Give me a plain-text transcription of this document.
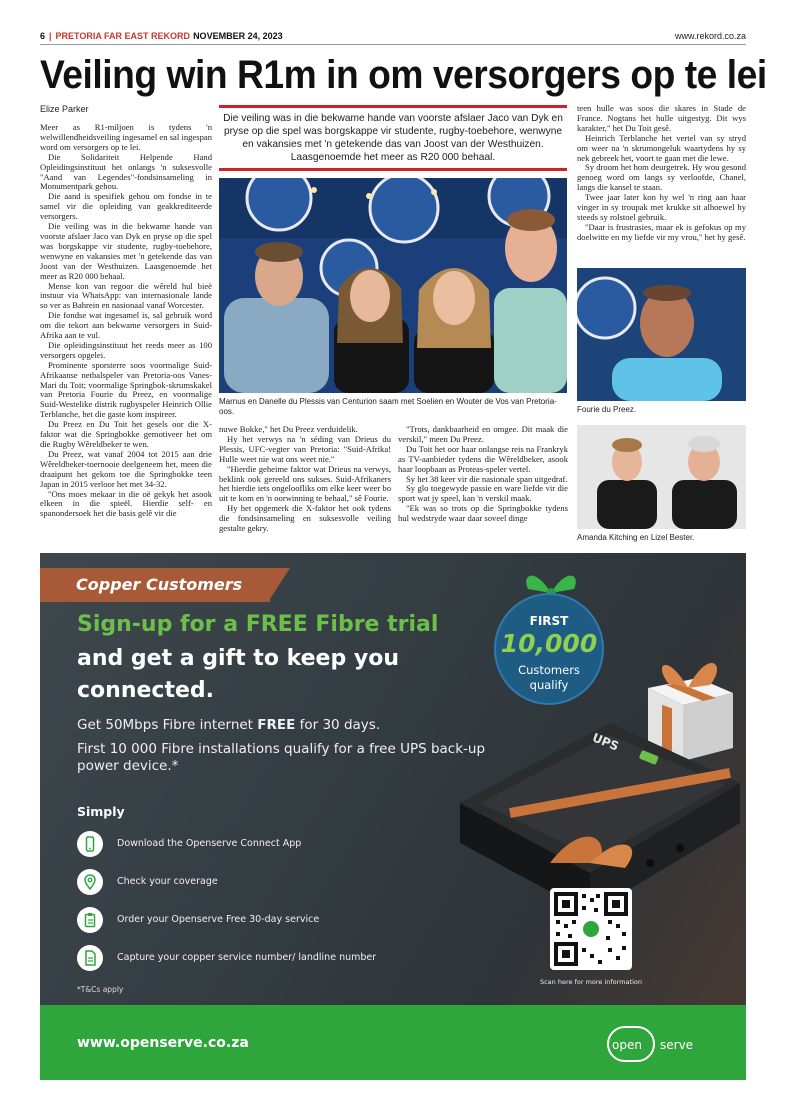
6 | PRETORIA FAR EAST REKORD NOVEMBER 24, 2023	www.rekord.co.za
Veiling win R1m in om versorgers op te lei
Elize Parker

Meer as R1-miljoen is tydens 'n welwillendheidsveiling ingesamel en sal ingespan word om versorgers op te lei.

Die Solidariteit Helpende Hand Opleidingsinstituut het onlangs 'n suksesvolle "Aand van Legendes"-fondsinsameling in Monumentpark gehou.

Die aand is spesifiek gehou om fondse in te samel vir die opleiding van geakkrediteerde versorgers.

Die veiling was in die bekwame hande van voorste afslaer Jaco van Dyk en pryse op die spel was borgskappe vir studente, rugby-toebehore, wenwyne en vakansies met 'n getekende das van Joost van der Westhuizen. Laasgenoemde het meer as R20 000 behaal.

Mense kon van regoor die wêreld hul bieë instuur via WhatsApp: van internasionale lande so ver as Bahrein en nasionaal vanaf Worcester.

Die fondse wat ingesamel is, sal gebruik word om die tekort aan bekwame versorgers in Suid-Afrika aan te vul.

Die opleidingsinstituut het reeds meer as 100 versorgers opgelei.

Prominente sporsterre soos voormalige Suid-Afrikaanse netbalspeler van Pretoria-oos Vanes-Mari du Toit; voormalige Springbok-skrumskakel van Pretoria Fourie du Preez, en voormalige Suid-Westelike distrik rugbyspeler Heinrich Ollie Terblanche, het die gaste kom inspireer.

Du Preez en Du Toit het gesels oor die X-faktor wat die Springbokke gemotiveer het om die Rugby Wêreldbeker te wen.

Du Preez, wat vanaf 2004 tot 2015 aan drie Wêreldbeker-toernooie deelgeneem het, meen die draaipunt het gekom toe die Springbokke teen Japan in 2015 verloor het met 34-32.

"Ons moes mekaar in die oë gekyk het asook elkeen in die spieël. Hierdie self- en spanondersoek het die basis gelê vir die

Die veiling was in die bekwame hande van voorste afslaer Jaco van Dyk en pryse op die spel was borgskappe vir studente, rugby-toebehore, wenwyne en vakansies met 'n getekende das van Joost van der Westhuizen. Laasgenoemde het meer as R20 000 behaal.
Marnus en Danelle du Plessis van Centurion saam met Soelien en Wouter de Vos van Pretoria-oos.

nuwe Bokke," het Du Preez verduidelik.

Hy het verwys na 'n séding van Drieus du Plessis, UFC-vegter van Pretoria: "Suid-Afrika! Hulle weet nie wat ons weet nie."

"Hierdie geheime faktor wat Drieus na verwys, beklink ook gereeld ons sukses. Suid-Afrikaners het hierdie iets ongeloofliks om elke keer weer bo uit te kom en 'n oorwinning te behaal," sê Fourie.

Hy het opgemerk die X-faktor het ook tydens die fondsinsameling en suksesvolle veiling gestalte gekry.

"Trots, dankbaarheid en omgee. Dit maak die verskil," meen Du Preez.

Du Toit het oor haar onlangse reis na Frankryk as TV-aanbieder tydens die Wêreldbeker, asook haar loopbaan as Proteas-speler vertel.

Sy het 38 keer vir die nasionale span uitgedraf.

Sy glo toegewyde passie en ware liefde vir die sport wat jy speel, kan 'n verskil maak.

"Ek was so trots op die Springbokke tydens hul wedstryde waar daar soveel dinge

teen hulle was soos die skares in Stade de France. Nogtans het hulle uitgestyg. Dit wys karakter," het Du Toit gesê.

Heinrich Terblanche het vertel van sy stryd om weer na 'n skrumongeluk waartydens hy sy nek gebreek het, voort te gaan met die lewe.

Sy droom het hom deurgetrek. Hy wou gesond genoeg word om langs sy verloofde, Chanel, langs die kansel te staan.

Twee jaar later kon hy wel 'n ring aan haar vinger in sy troupak met krukke sit alhoewel hy steeds sy rolstoel gebruik.

"Daar is frustrasies, maar ek is gefokus op my doelwitte en my liefde vir my vrou," het hy gesê.

Fourie du Preez.
Amanda Kitching en Lizel Bester.
Copper Customers
Sign-up for a FREE Fibre trial
and get a gift to keep you connected.
Get 50Mbps Fibre internet FREE for 30 days.
First 10 000 Fibre installations qualify for a free UPS back-up power device.*
Simply
Download the Openserve Connect App
Check your coverage
Order your Openserve Free 30-day service
Capture your copper service number/ landline number
*T&Cs apply
FIRST
10,000
Customers
qualify
UPS
Scan here for more information
www.openserve.co.za	open serve
